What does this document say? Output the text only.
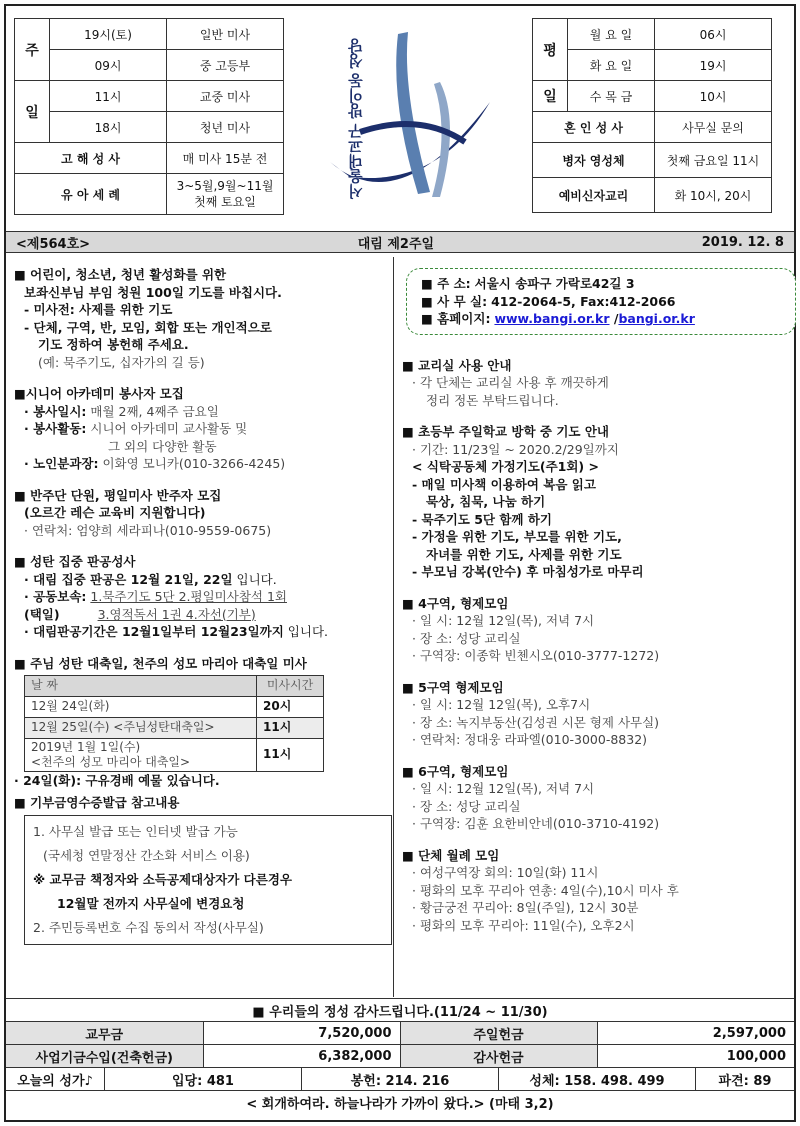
주	19시(토)	일반 미사
	09시	중 고등부
일	11시	교중 미사
	18시	청년 미사
고 해 성 사		매 미사 15분 전
유 아 세 례		3~5월,9월~11월
첫째 토요일
서울대교구 방이동 성당	평	월 요 일	06시
	화 요 일	19시
일	수 목 금	10시
혼 인 성 사		사무실 문의
병자 영성체		첫째 금요일 11시
예비신자교리		화 10시, 20시
<제564호>	대림 제2주일	2019. 12. 8
■ 어린이, 청소년, 청년 활성화를 위한
보좌신부님 부임 청원 100일 기도를 바칩시다.
- 미사전: 사제를 위한 기도
- 단체, 구역, 반, 모임, 회합 또는 개인적으로
기도 정하여 봉헌해 주세요.
(예: 묵주기도, 십자가의 길 등)
■시니어 아카데미 봉사자 모집
· 봉사일시: 매월 2째, 4째주 금요일
· 봉사활동: 시니어 아카데미 교사활동 및
그 외의 다양한 활동
· 노인분과장: 이화영 모니카(010-3266-4245)
■ 반주단 단원, 평일미사 반주자 모집
(오르간 레슨 교육비 지원합니다)
· 연락처: 엄양희 세라피나(010-9559-0675)
■ 성탄 집중 판공성사
· 대림 집중 판공은 12월 21일, 22일 입니다.
· 공동보속: 1.묵주기도 5단 2.평일미사참석 1회
(택일)	3.영적독서 1권 4.자선(기부)
· 대림판공기간은 12월1일부터 12월23일까지 입니다.
■ 주님 성탄 대축일, 천주의 성모 마리아 대축일 미사
날 짜	미사시간
12월 24일(화)	20시
12월 25일(수) <주님성탄대축일>	11시

2019년 1월 1일(수)
<천주의 성모 마리아 대축일>	11시
· 24일(화): 구유경배 예물 있습니다.
■ 기부금영수증발급 참고내용
1. 사무실 발급 또는 인터넷 발급 가능
(국세청 연말정산 간소화 서비스 이용)
※ 교무금 책정자와 소득공제대상자가 다른경우
12월말 전까지 사무실에 변경요청
2. 주민등록번호 수집 동의서 작성(사무실)
■ 주 소: 서울시 송파구 가락로42길 3
■ 사 무 실: 412-2064-5, Fax:412-2066
■ 홈페이지: www.bangi.or.kr /bangi.or.kr
■ 교리실 사용 안내
· 각 단체는 교리실 사용 후 깨끗하게
정리 정돈 부탁드립니다.
■ 초등부 주일학교 방학 중 기도 안내
· 기간: 11/23일 ~ 2020.2/29일까지
< 식탁공동체 가정기도(주1회) >
- 매일 미사책 이용하여 복음 읽고
묵상, 침묵, 나눔 하기
- 묵주기도 5단 함께 하기
- 가정을 위한 기도, 부모를 위한 기도,
자녀를 위한 기도, 사제를 위한 기도
- 부모님 강복(안수) 후 마침성가로 마무리
■ 4구역, 형제모임
· 일 시: 12월 12일(목), 저녁 7시
· 장 소: 성당 교리실
· 구역장: 이종학 빈첸시오(010-3777-1272)
■ 5구역 형제모임
· 일 시: 12월 12일(목), 오후7시
· 장 소: 녹지부동산(김성권 시몬 형제 사무실)
· 연락처: 정대웅 라파엘(010-3000-8832)
■ 6구역, 형제모임
· 일 시: 12월 12일(목), 저녁 7시
· 장 소: 성당 교리실
· 구역장: 김훈 요한비안네(010-3710-4192)
■ 단체 월례 모임
· 여성구역장 회의: 10일(화) 11시
· 평화의 모후 꾸리아 연총: 4일(수),10시 미사 후
· 황금궁전 꾸리아: 8일(주일), 12시 30분
· 평화의 모후 꾸리아: 11일(수), 오후2시
■ 우리들의 정성 감사드립니다.(11/24 ~ 11/30)							
교무금		7,520,000		주일헌금		2,597,000	
사업기금수입(건축헌금)		6,382,000		감사헌금		100,000	
오늘의 성가♪	입당: 481		봉헌: 214. 216		성체: 158. 498. 499		파견: 89
< 회개하여라. 하늘나라가 가까이 왔다.> (마태 3,2)							
